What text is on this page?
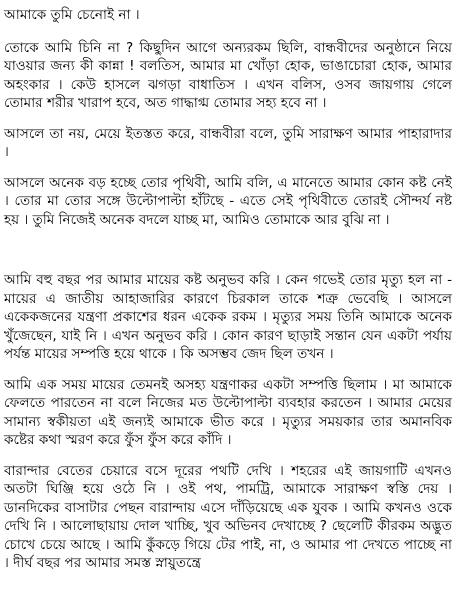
আমাকে তুমি চেনোই না ।

তোকে আমি চিনি না ? কিছুদিন আগে অন্যরকম ছিলি, বান্ধবীদের অনুষ্ঠানে নিয়ে যাওয়ার জন্য কী কান্না ! বলতিস, আমার মা খোঁড়া হোক, ভাঙাচোরা হোক, আমার অহংকার । কেউ হাসলে ঝগড়া বাধাতিস । এখন বলিস, ওসব জায়গায় গেলে তোমার শরীর খারাপ হবে, অত গাদ্ধাগ্ম তোমার সহ্য হবে না ।

আসলে তা নয়, মেয়ে ইতস্তত করে, বান্ধবীরা বলে, তুমি সারাক্ষণ আমার পাহারাদার ।

আসলে অনেক বড় হচ্ছে তোর পৃথিবী, আমি বলি, এ মানেতে আমার কোন কষ্ট নেই । তোর মা তোর সঙ্গে উল্টোপাল্টা হাঁটছে - এতে সেই পৃথিবীতে তোরই সৌন্দর্য নষ্ট হয় । তুমি নিজেই অনেক বদলে যাচ্ছ মা, আমিও তোমাকে আর বুঝি না ।

আমি বহু বছর পর আমার মায়ের কষ্ট অনুভব করি । কেন গভেই তোর মৃত্যু হল না - মায়ের এ জাতীয় আহাজারির কারণে চিরকাল তাকে শত্রু ভেবেছি । আসলে একেকজনের যন্ত্রণা প্রকাশের ধরন একেক রকম । মৃত্যুর সময় তিনি আমাকে অনেক খুঁজেছেন, যাই নি । এখন অনুভব করি । কোন কারণ ছাড়াই সন্তান যেন একটা পর্যায় পর্যন্ত মায়ের সম্পত্তি হয়ে থাকে । কি অসম্ভব জেদ ছিল তখন ।

আমি এক সময় মায়ের তেমনই অসহ্য যন্ত্রণাকর একটা সম্পত্তি ছিলাম । মা আমাকে ফেলতে পারতেন না বলে নিজের মত উল্টোপাল্টা ব্যবহার করতেন । আমার মেয়ের সামান্য স্বকীয়তা এই জন্যই আমাকে ভীত করে । মৃত্যুর সময়কার তার অমানবিক কষ্টের কথা স্মরণ করে ফুঁস ফুঁস করে কাঁদি ।

বারান্দার বেতের চেয়ারে বসে দূরের পথটি দেখি । শহরের এই জায়গাটি এখনও অতটা ঘিঞ্জি হয়ে ওঠে নি । ওই পথ, পামট্রি, আমাকে সারাক্ষণ স্বস্তি দেয় । ডানদিকের বাসাটার পেছন বারান্দায় এসে দাঁড়িয়েছে এক যুবক । আমি কখনও ওকে দেখি নি । আলোছায়ায় দোল খাচ্ছি, খুব অভিনব দেখাচ্ছে ? ছেলেটি কীরকম অদ্ভুত চোখে চেয়ে আছে । আমি কুঁকড়ে গিয়ে টের পাই, না, ও আমার পা দেখতে পাচ্ছে না । দীর্ঘ বছর পর আমার সমস্ত স্নায়ুতন্ত্রে
